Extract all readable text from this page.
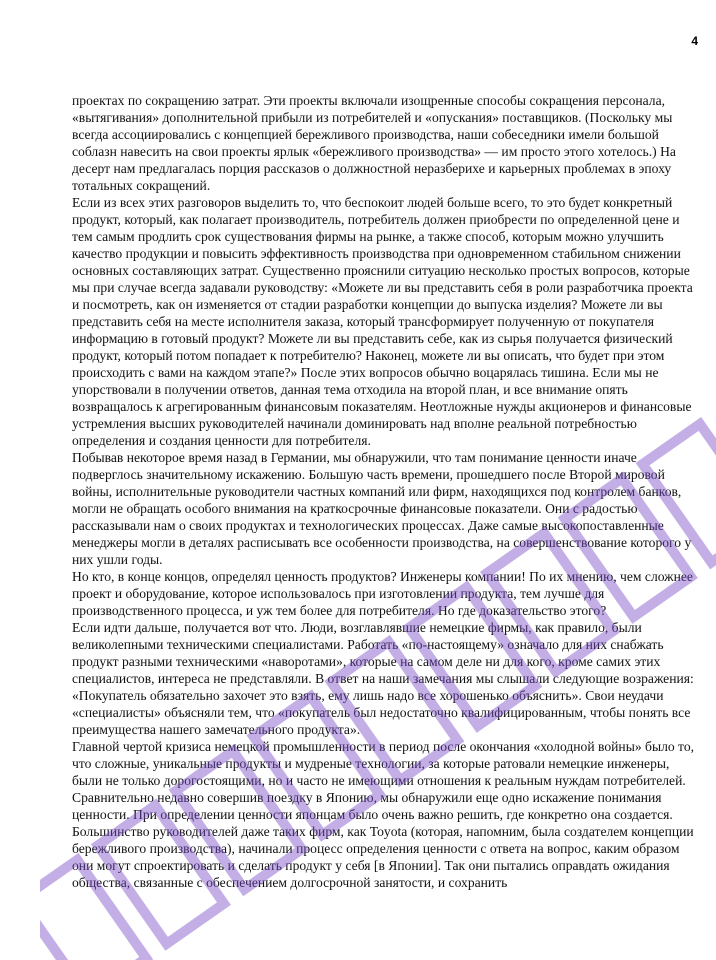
4

проектах по сокращению затрат. Эти проекты включали изощренные способы сокращения персонала, «вытягивания» дополнительной прибыли из потребителей и «опускания» поставщиков. (Поскольку мы всегда ассоциировались с концепцией бережливого производства, наши собеседники имели большой соблазн навесить на свои проекты ярлык «бережливого производства» — им просто этого хотелось.) На десерт нам предлагалась порция рассказов о должностной неразберихе и карьерных проблемах в эпоху тотальных сокращений.

Если из всех этих разговоров выделить то, что беспокоит людей больше всего, то это будет конкретный продукт, который, как полагает производитель, потребитель должен приобрести по определенной цене и тем самым продлить срок существования фирмы на рынке, а также способ, которым можно улучшить качество продукции и повысить эффективность производства при одновременном стабильном снижении основных составляющих затрат. Существенно прояснили ситуацию несколько простых вопросов, которые мы при случае всегда задавали руководству: «Можете ли вы представить себя в роли разработчика проекта и посмотреть, как он изменяется от стадии разработки концепции до выпуска изделия? Можете ли вы представить себя на месте исполнителя заказа, который трансформирует полученную от покупателя информацию в готовый продукт? Можете ли вы представить себе, как из сырья получается физический продукт, который потом попадает к потребителю? Наконец, можете ли вы описать, что будет при этом происходить с вами на каждом этапе?» После этих вопросов обычно воцарялась тишина. Если мы не упорствовали в получении ответов, данная тема отходила на второй план, и все внимание опять возвращалось к агрегированным финансовым показателям. Неотложные нужды акционеров и финансовые устремления высших руководителей начинали доминировать над вполне реальной потребностью определения и создания ценности для потребителя.

Побывав некоторое время назад в Германии, мы обнаружили, что там понимание ценности иначе подверглось значительному искажению. Большую часть времени, прошедшего после Второй мировой войны, исполнительные руководители частных компаний или фирм, находящихся под контролем банков, могли не обращать особого внимания на краткосрочные финансовые показатели. Они с радостью рассказывали нам о своих продуктах и технологических процессах. Даже самые высокопоставленные менеджеры могли в деталях расписывать все особенности производства, на совершенствование которого у них ушли годы.

Но кто, в конце концов, определял ценность продуктов? Инженеры компании! По их мнению, чем сложнее проект и оборудование, которое использовалось при изготовлении продукта, тем лучше для производственного процесса, и уж тем более для потребителя. Но где доказательство этого?

Если идти дальше, получается вот что. Люди, возглавлявшие немецкие фирмы, как правило, были великолепными техническими специалистами. Работать «по-настоящему» означало для них снабжать продукт разными техническими «наворотами», которые на самом деле ни для кого, кроме самих этих специалистов, интереса не представляли. В ответ на наши замечания мы слышали следующие возражения: «Покупатель обязательно захочет это взять, ему лишь надо все хорошенько объяснить». Свои неудачи «специалисты» объясняли тем, что «покупатель был недостаточно квалифицированным, чтобы понять все преимущества нашего замечательного продукта».

Главной чертой кризиса немецкой промышленности в период после окончания «холодной войны» было то, что сложные, уникальные продукты и мудреные технологии, за которые ратовали немецкие инженеры, были не только дорогостоящими, но и часто не имеющими отношения к реальным нуждам потребителей.

Сравнительно недавно совершив поездку в Японию, мы обнаружили еще одно искажение понимания ценности. При определении ценности японцам было очень важно решить, где конкретно она создается. Большинство руководителей даже таких фирм, как Toyota (которая, напомним, была создателем концепции бережливого производства), начинали процесс определения ценности с ответа на вопрос, каким образом они могут спроектировать и сделать продукт у себя [в Японии]. Так они пытались оправдать ожидания общества, связанные с обеспечением долгосрочной занятости, и сохранить
